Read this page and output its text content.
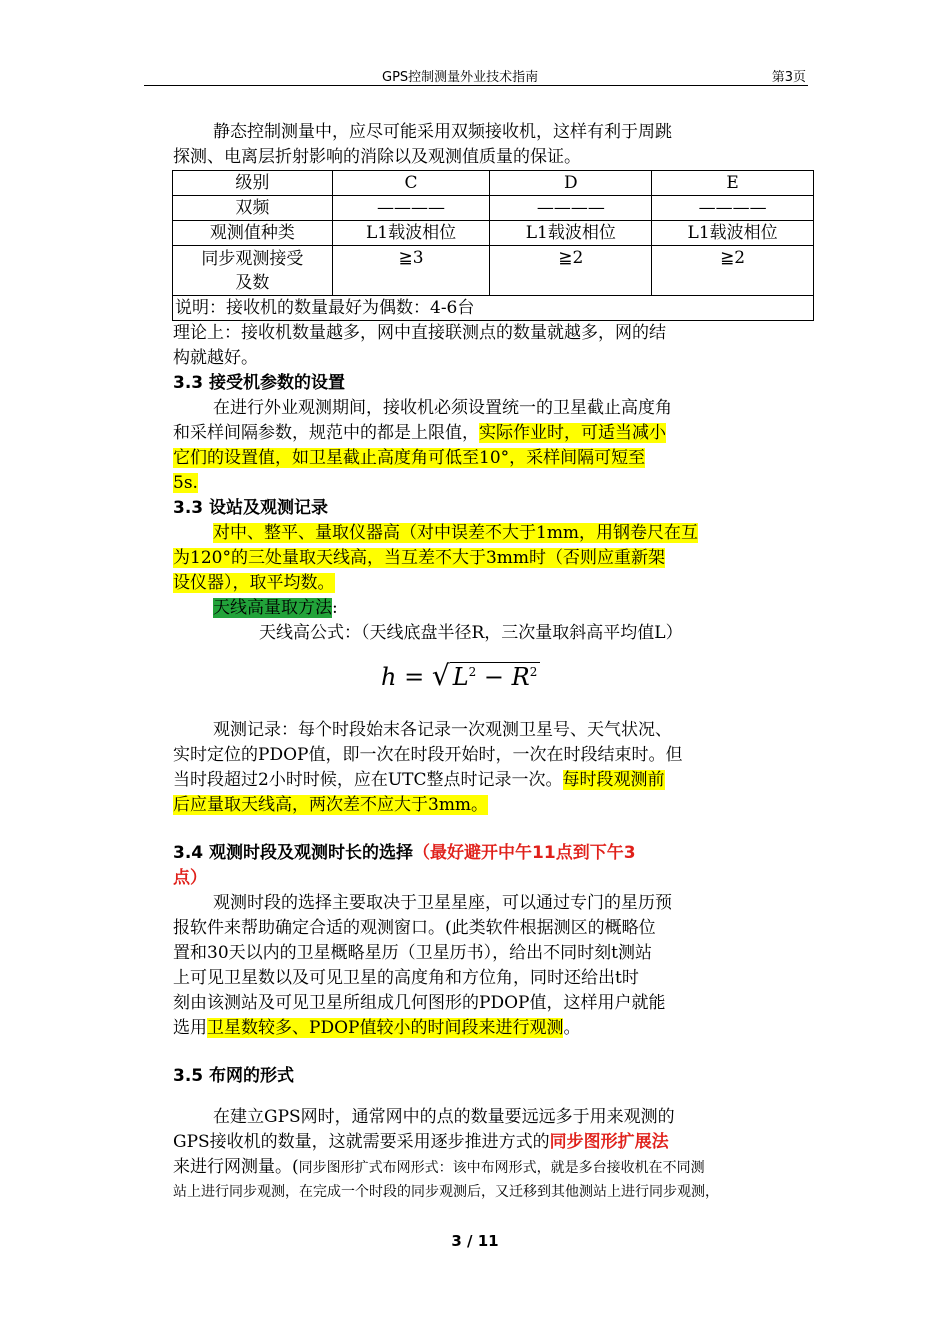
GPS控制测量外业技术指南	第3页
静态控制测量中，应尽可能采用双频接收机，这样有利于周跳
探测、电离层折射影响的消除以及观测值质量的保证。
级别	C	D	E
双频	————	————	————
观测值种类	L1载波相位	L1载波相位	L1载波相位

同步观测接受
及数	≧3	≧2	≧2
说明：接收机的数量最好为偶数：4-6台			
理论上：接收机数量越多，网中直接联测点的数量就越多，网的结
构就越好。
3.3 接受机参数的设置
在进行外业观测期间，接收机必须设置统一的卫星截止高度角
和采样间隔参数，规范中的都是上限值，实际作业时，可适当减小
它们的设置值，如卫星截止高度角可低至10°，采样间隔可短至
5s.
3.3 设站及观测记录
对中、整平、量取仪器高（对中误差不大于1mm，用钢卷尺在互
为120°的三处量取天线高，当互差不大于3mm时（否则应重新架
设仪器），取平均数。
天线高量取方法:
天线高公式：（天线底盘半径R，三次量取斜高平均值L）
h = √ $L^2 - R^2$
观测记录：每个时段始末各记录一次观测卫星号、天气状况、
实时定位的PDOP值，即一次在时段开始时，一次在时段结束时。但
当时段超过2小时时候，应在UTC整点时记录一次。每时段观测前
后应量取天线高，两次差不应大于3mm。
3.4 观测时段及观测时长的选择（最好避开中午11点到下午3
点）
观测时段的选择主要取决于卫星星座，可以通过专门的星历预
报软件来帮助确定合适的观测窗口。(此类软件根据测区的概略位
置和30天以内的卫星概略星历（卫星历书），给出不同时刻t测站
上可见卫星数以及可见卫星的高度角和方位角，同时还给出t时
刻由该测站及可见卫星所组成几何图形的PDOP值，这样用户就能
选用卫星数较多、PDOP值较小的时间段来进行观测。
3.5 布网的形式
在建立GPS网时，通常网中的点的数量要远远多于用来观测的
GPS接收机的数量，这就需要采用逐步推进方式的同步图形扩展法
来进行网测量。(同步图形扩式布网形式：该中布网形式，就是多台接收机在不同测
站上进行同步观测，在完成一个时段的同步观测后，又迁移到其他测站上进行同步观测，
3 / 11
